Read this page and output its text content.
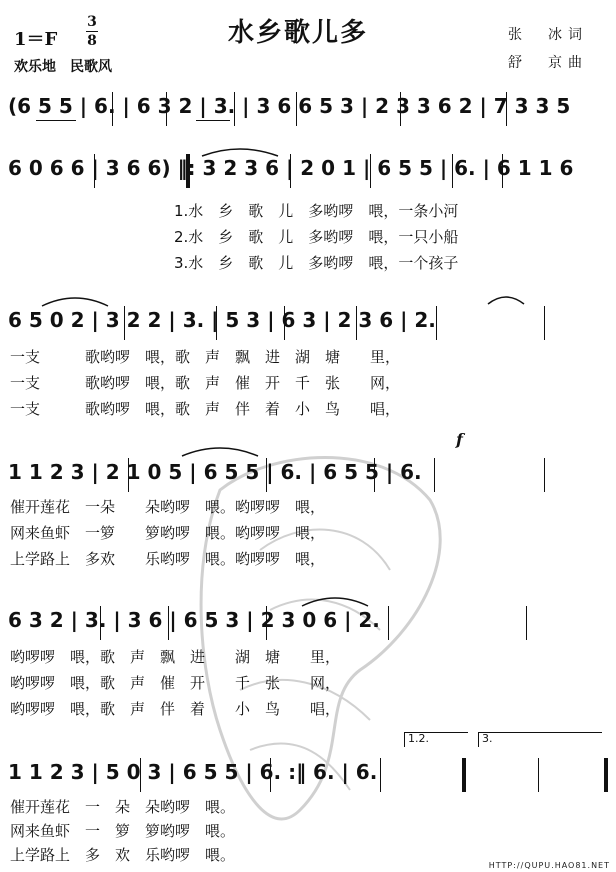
1＝F
3
8	水乡歌儿多
欢乐地　民歌风
张　冰词
舒　京曲
(6 5 5 | 6. | 6 3 2 | 3. | 3 6 6 5 3 | 2 3 3 6 2 | 7 3 3 5
6 0 6 6 | 3 6 6) ‖: 3 2 3 6 | 2 0 1 | 6 5 5 | 6. | 6 1 1 6
1.水　乡　歌　儿　多哟啰　喂，一条小河
2.水　乡　歌　儿　多哟啰　喂，一只小船
3.水　乡　歌　儿　多哟啰　喂，一个孩子
6 5 0 2 | 3 2 2 | 3. | 5 3 | 6 3 | 2 3 6 | 2.
一支　　　歌哟啰　喂，歌　声　飘　进　湖　塘　　里，
一支　　　歌哟啰　喂，歌　声　催　开　千　张　　网，
一支　　　歌哟啰　喂，歌　声　伴　着　小　鸟　　唱，
f
1 1 2 3 | 2 1 0 5 | 6 5 5 | 6. | 6 5 5 | 6.
催开莲花　一朵　　朵哟啰　喂。哟啰啰　喂，
网来鱼虾　一箩　　箩哟啰　喂。哟啰啰　喂，
上学路上　多欢　　乐哟啰　喂。哟啰啰　喂，
6 3 2 | 3. | 3 6 | 6 5 3 | 2 3 0 6 | 2.
哟啰啰　喂，歌　声　飘　进　　湖　塘　　里，
哟啰啰　喂，歌　声　催　开　　千　张　　网，
哟啰啰　喂，歌　声　伴　着　　小　鸟　　唱，
1.2.	3.
1 1 2 3 | 5 0 3 | 6 5 5 | 6. :‖ 6. | 6.
催开莲花　一　朵　朵哟啰　喂。
网来鱼虾　一　箩　箩哟啰　喂。
上学路上　多　欢　乐哟啰　喂。
HTTP://QUPU.HAO81.NET
